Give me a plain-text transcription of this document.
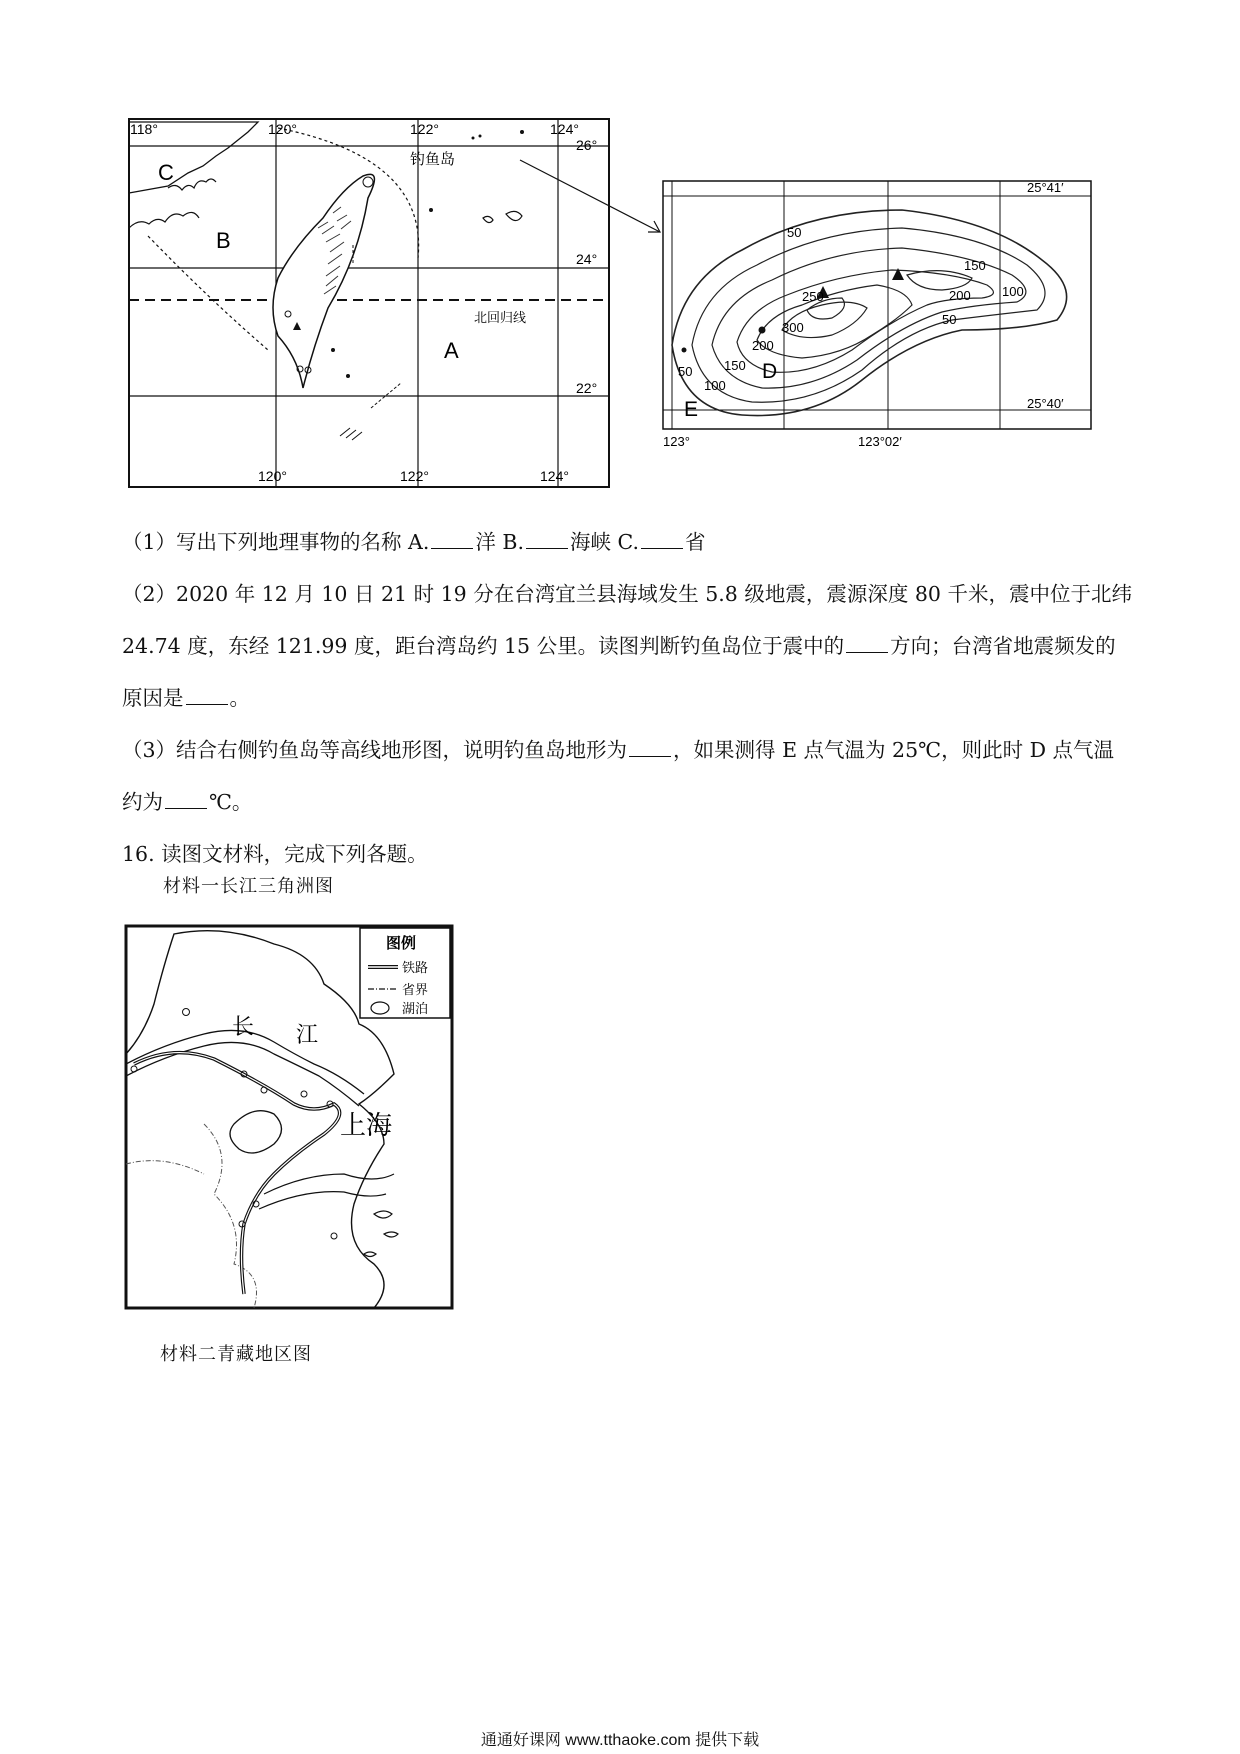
118°	120°	122°	124°
26°
24°
22°
120°	122°	124°
C
B
A
钓鱼岛
北回归线
25°41′
25°40′
123°	123°02′
50
150
100
250
200
300
200
150
50
100
50	D
E
（1）写出下列地理事物的名称 A. 洋 B. 海峡 C. 省
（2）2020 年 12 月 10 日 21 时 19 分在台湾宜兰县海域发生 5.8 级地震，震源深度 80 千米，震中位于北纬
24.74 度，东经 121.99 度，距台湾岛约 15 公里。读图判断钓鱼岛位于震中的 方向；台湾省地震频发的
原因是 。
（3）结合右侧钓鱼岛等高线地形图，说明钓鱼岛地形为 ，如果测得 E 点气温为 25℃，则此时 D 点气温
约为 ℃。
16. 读图文材料，完成下列各题。
材料一长江三角洲图
图例
铁路
省界
湖泊
长 江
上海
材料二青藏地区图
通通好课网 www.tthaoke.com 提供下载
